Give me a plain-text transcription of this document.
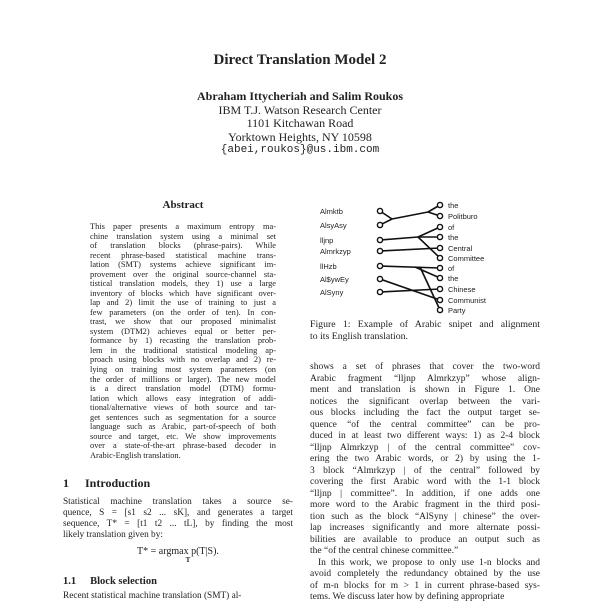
Direct Translation Model 2
Abraham Ittycheriah and Salim Roukos
IBM T.J. Watson Research Center
1101 Kitchawan Road
Yorktown Heights, NY 10598
{abei,roukos}@us.ibm.com
Abstract
This paper presents a maximum entropy ma-
chine translation system using a minimal set
of translation blocks (phrase-pairs). While
recent phrase-based statistical machine trans-
lation (SMT) systems achieve significant im-
provement over the original source-channel sta-
tistical translation models, they 1) use a large
inventory of blocks which have significant over-
lap and 2) limit the use of training to just a
few parameters (on the order of ten). In con-
trast, we show that our proposed minimalist
system (DTM2) achieves equal or better per-
formance by 1) recasting the translation prob-
lem in the traditional statistical modeling ap-
proach using blocks with no overlap and 2) re-
lying on training most system parameters (on
the order of millions or larger). The new model
is a direct translation model (DTM) formu-
lation which allows easy integration of addi-
tional/alternative views of both source and tar-
get sentences such as segmentation for a source
language such as Arabic, part-of-speech of both
source and target, etc. We show improvements
over a state-of-the-art phrase-based decoder in
Arabic-English translation.
1 Introduction
Statistical machine translation takes a source se-
quence, S = [s1 s2 ... sK], and generates a target
sequence, T* = [t1 t2 ... tL], by finding the most
likely translation given by:
T* = argmax p(T|S).
T
1.1 Block selection
Recent statistical machine translation (SMT) al-
Almktb
AlsyAsy
lljnp
Almrkzyp
llHzb
Al$ywEy
AlSyny
the
Politburo
of
the
Central
Committee
of
the
Chinese
Communist
Party
Figure 1: Example of Arabic snipet and alignment
to its English translation.
shows a set of phrases that cover the two-word
Arabic fragment “lljnp Almrkzyp” whose align-
ment and translation is shown in Figure 1. One
notices the significant overlap between the vari-
ous blocks including the fact the output target se-
quence “of the central committee” can be pro-
duced in at least two different ways: 1) as 2-4 block
“lljnp Almrkzyp | of the central committee” cov-
ering the two Arabic words, or 2) by using the 1-
3 block “Almrkzyp | of the central” followed by
covering the first Arabic word with the 1-1 block
“lljnp | committee”. In addition, if one adds one
more word to the Arabic fragment in the third posi-
tion such as the block “AlSyny | chinese” the over-
lap increases significantly and more alternate possi-
bilities are available to produce an output such as
the “of the central chinese committee.”
In this work, we propose to only use 1-n blocks and
avoid completely the redundancy obtained by the use
of m-n blocks for m > 1 in current phrase-based sys-
tems. We discuss later how by defining appropriate
